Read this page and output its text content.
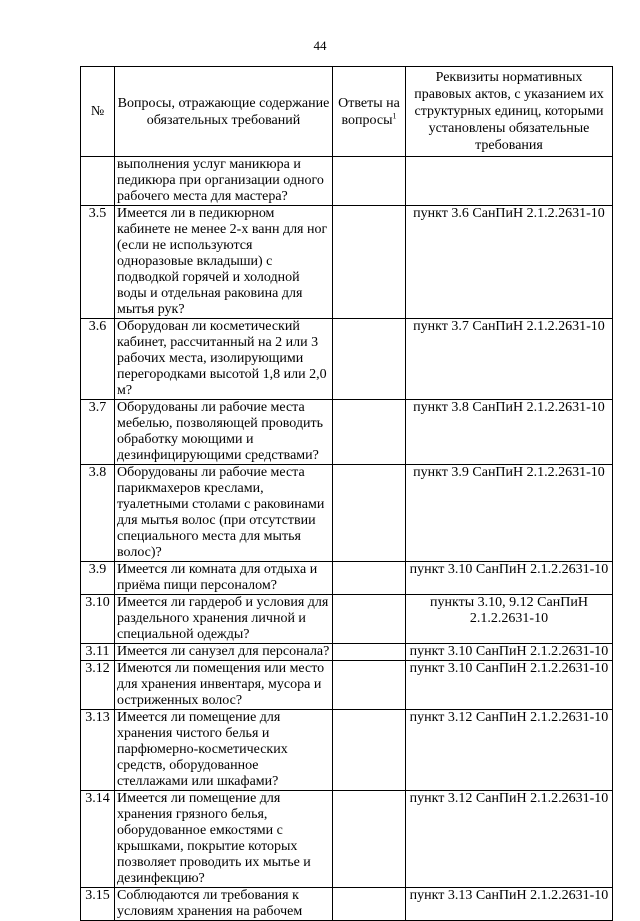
44
№	Вопросы, отражающие содержание обязательных требований	Ответы на вопросы$^1$	Реквизиты нормативных правовых актов, с указанием их структурных единиц, которыми установлены обязательные требования
	выполнения услуг маникюра и педикюра при организации одного рабочего места для мастера?		
3.5	Имеется ли в педикюрном кабинете не менее 2-х ванн для ног (если не используются одноразовые вкладыши) с подводкой горячей и холодной воды и отдельная раковина для мытья рук?		пункт 3.6 СанПиН 2.1.2.2631-10
3.6	Оборудован ли косметический кабинет, рассчитанный на 2 или 3 рабочих места, изолирующими перегородками высотой 1,8 или 2,0 м?		пункт 3.7 СанПиН 2.1.2.2631-10
3.7	Оборудованы ли рабочие места мебелью, позволяющей проводить обработку моющими и дезинфицирующими средствами?		пункт 3.8 СанПиН 2.1.2.2631-10
3.8	Оборудованы ли рабочие места парикмахеров креслами, туалетными столами с раковинами для мытья волос (при отсутствии специального места для мытья волос)?		пункт 3.9 СанПиН 2.1.2.2631-10
3.9	Имеется ли комната для отдыха и приёма пищи персоналом?		пункт 3.10 СанПиН 2.1.2.2631-10
3.10	Имеется ли гардероб и условия для раздельного хранения личной и специальной одежды?		пункты 3.10, 9.12 СанПиН 2.1.2.2631-10
3.11	Имеется ли санузел для персонала?		пункт 3.10 СанПиН 2.1.2.2631-10
3.12	Имеются ли помещения или место для хранения инвентаря, мусора и остриженных волос?		пункт 3.10 СанПиН 2.1.2.2631-10
3.13	Имеется ли помещение для хранения чистого белья и парфюмерно-косметических средств, оборудованное стеллажами или шкафами?		пункт 3.12 СанПиН 2.1.2.2631-10
3.14	Имеется ли помещение для хранения грязного белья, оборудованное емкостями с крышками, покрытие которых позволяет проводить их мытье и дезинфекцию?		пункт 3.12 СанПиН 2.1.2.2631-10
3.15	Соблюдаются ли требования к условиям хранения на рабочем		пункт 3.13 СанПиН 2.1.2.2631-10
